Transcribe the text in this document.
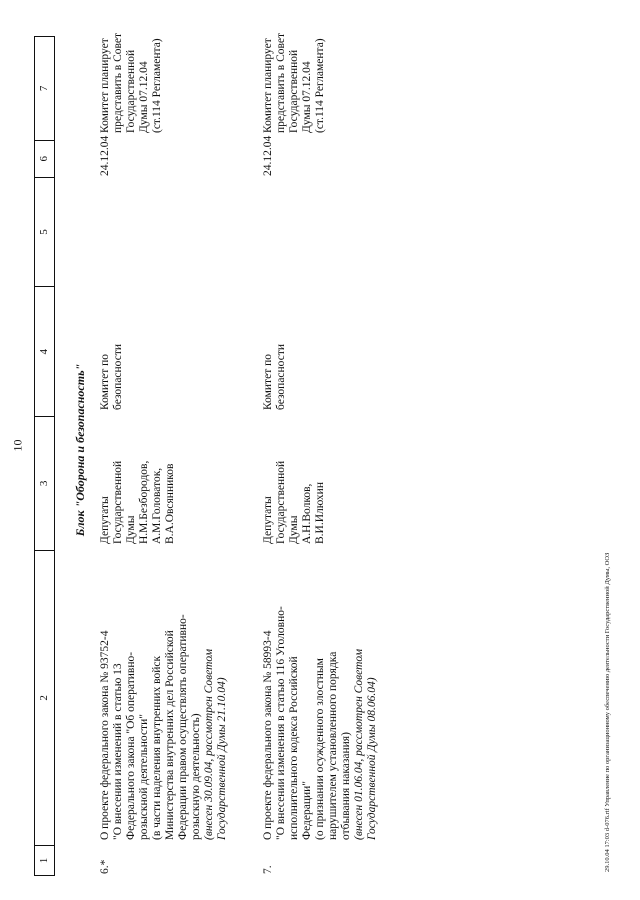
10
1
2
3
4
5
6
7
Блок "Оборона и безопасность"
6.*
О проекте федерального закона № 93752-4 "О внесении изменений в статью 13 Федерального закона "Об оперативно- розыскной деятельности" (в части наделения внутренних войск Министерства внутренних дел Российской Федерации правом осуществлять оперативно- розыскную деятельность) (внесен 30.09.04, рассмотрен Советом Государственной Думы 21.10.04)
Депутаты Государственной Думы Н.М.Безбородов, А.М.Головаток, В.А.Овсянников
Комитет по безопасности
24.12.04
Комитет планирует представить в Совет Государственной Думы 07.12.04 (ст.114 Регламента)
7.
О проекте федерального закона № 58993-4 "О внесении изменения в статью 116 Уголовно- исполнительного кодекса Российской Федерации" (о признании осужденного злостным нарушителем установленного порядка отбывания наказания) (внесен 01.06.04, рассмотрен Советом Государственной Думы 08.06.04)
Депутаты Государственной Думы А.Н.Волков, В.И.Илюхин
Комитет по безопасности
24.12.04
Комитет планирует представить в Совет Государственной Думы 07.12.04 (ст.114 Регламента)
29.10.04 17:03 d-076.rtf Управление по организационному обеспечению деятельности Государственной Думы, ООЗ
